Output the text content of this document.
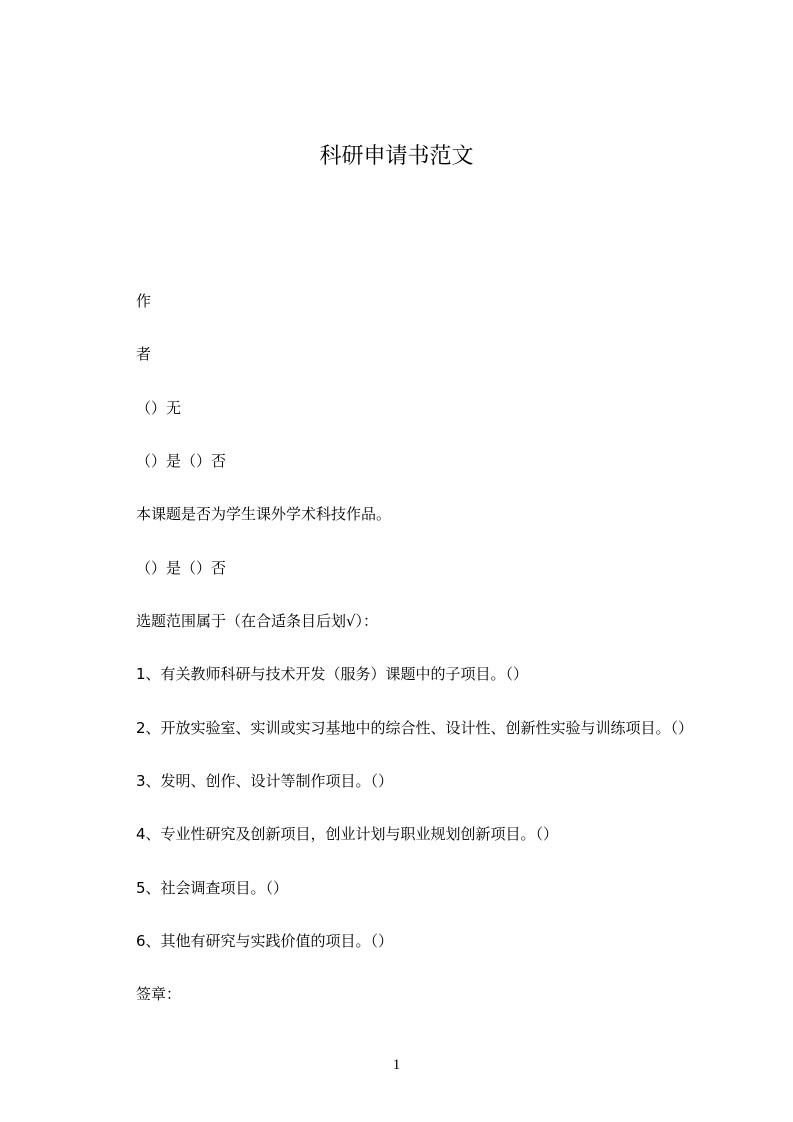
科研申请书范文
作
者
（）无
（）是（）否
本课题是否为学生课外学术科技作品。
（）是（）否
选题范围属于（在合适条目后划√）：
1、有关教师科研与技术开发（服务）课题中的子项目。（）
2、开放实验室、实训或实习基地中的综合性、设计性、创新性实验与训练项目。（）
3、发明、创作、设计等制作项目。（）
4、专业性研究及创新项目，创业计划与职业规划创新项目。（）
5、社会调查项目。（）
6、其他有研究与实践价值的项目。（）
签章：
1
